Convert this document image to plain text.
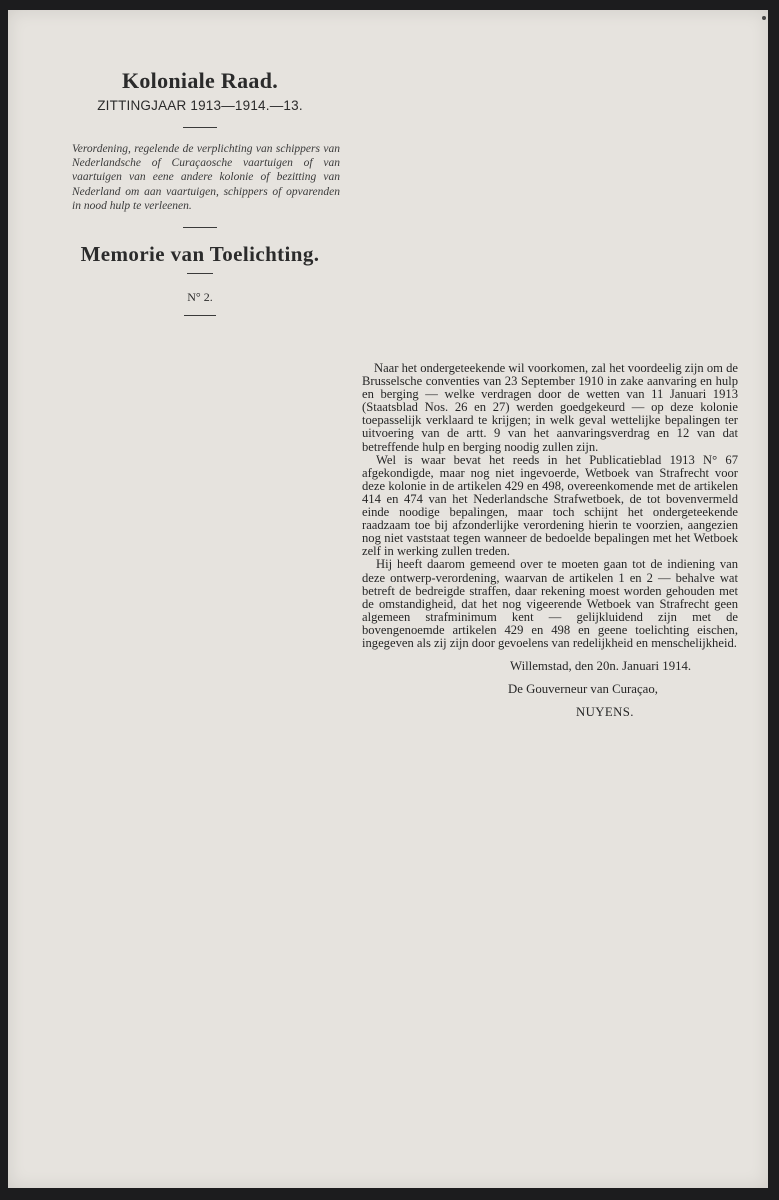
Koloniale Raad.
ZITTINGJAAR 1913—1914.—13.

Verordening, regelende de verplichting van schippers van Nederlandsche of Curaçaosche vaartuigen of van vaartuigen van eene andere kolonie of bezitting van Nederland om aan vaartuigen, schippers of opvarenden in nood hulp te verleenen.

Memorie van Toelichting.
N° 2.

Naar het ondergeteekende wil voorkomen, zal het voordeelig zijn om de Brusselsche conventies van 23 September 1910 in zake aanvaring en hulp en berging — welke verdragen door de wetten van 11 Januari 1913 (Staatsblad Nos. 26 en 27) werden goedgekeurd — op deze kolonie toepasselijk verklaard te krijgen; in welk geval wettelijke bepalingen ter uitvoering van de artt. 9 van het aanvaringsverdrag en 12 van dat betreffende hulp en berging noodig zullen zijn.

Wel is waar bevat het reeds in het Publicatieblad 1913 N° 67 afgekondigde, maar nog niet ingevoerde, Wetboek van Strafrecht voor deze kolonie in de artikelen 429 en 498, overeenkomende met de artikelen 414 en 474 van het Nederlandsche Strafwetboek, de tot bovenvermeld einde noodige bepalingen, maar toch schijnt het ondergeteekende raadzaam toe bij afzonderlijke verordening hierin te voorzien, aangezien nog niet vaststaat tegen wanneer de bedoelde bepalingen met het Wetboek zelf in werking zullen treden.

Hij heeft daarom gemeend over te moeten gaan tot de indiening van deze ontwerp-verordening, waarvan de artikelen 1 en 2 — behalve wat betreft de bedreigde straffen, daar rekening moest worden gehouden met de omstandigheid, dat het nog vigeerende Wetboek van Strafrecht geen algemeen strafminimum kent — gelijkluidend zijn met de bovengenoemde artikelen 429 en 498 en geene toelichting eischen, ingegeven als zij zijn door gevoelens van redelijkheid en menschelijkheid.

Willemstad, den 20n. Januari 1914.
De Gouverneur van Curaçao,
NUYENS.
